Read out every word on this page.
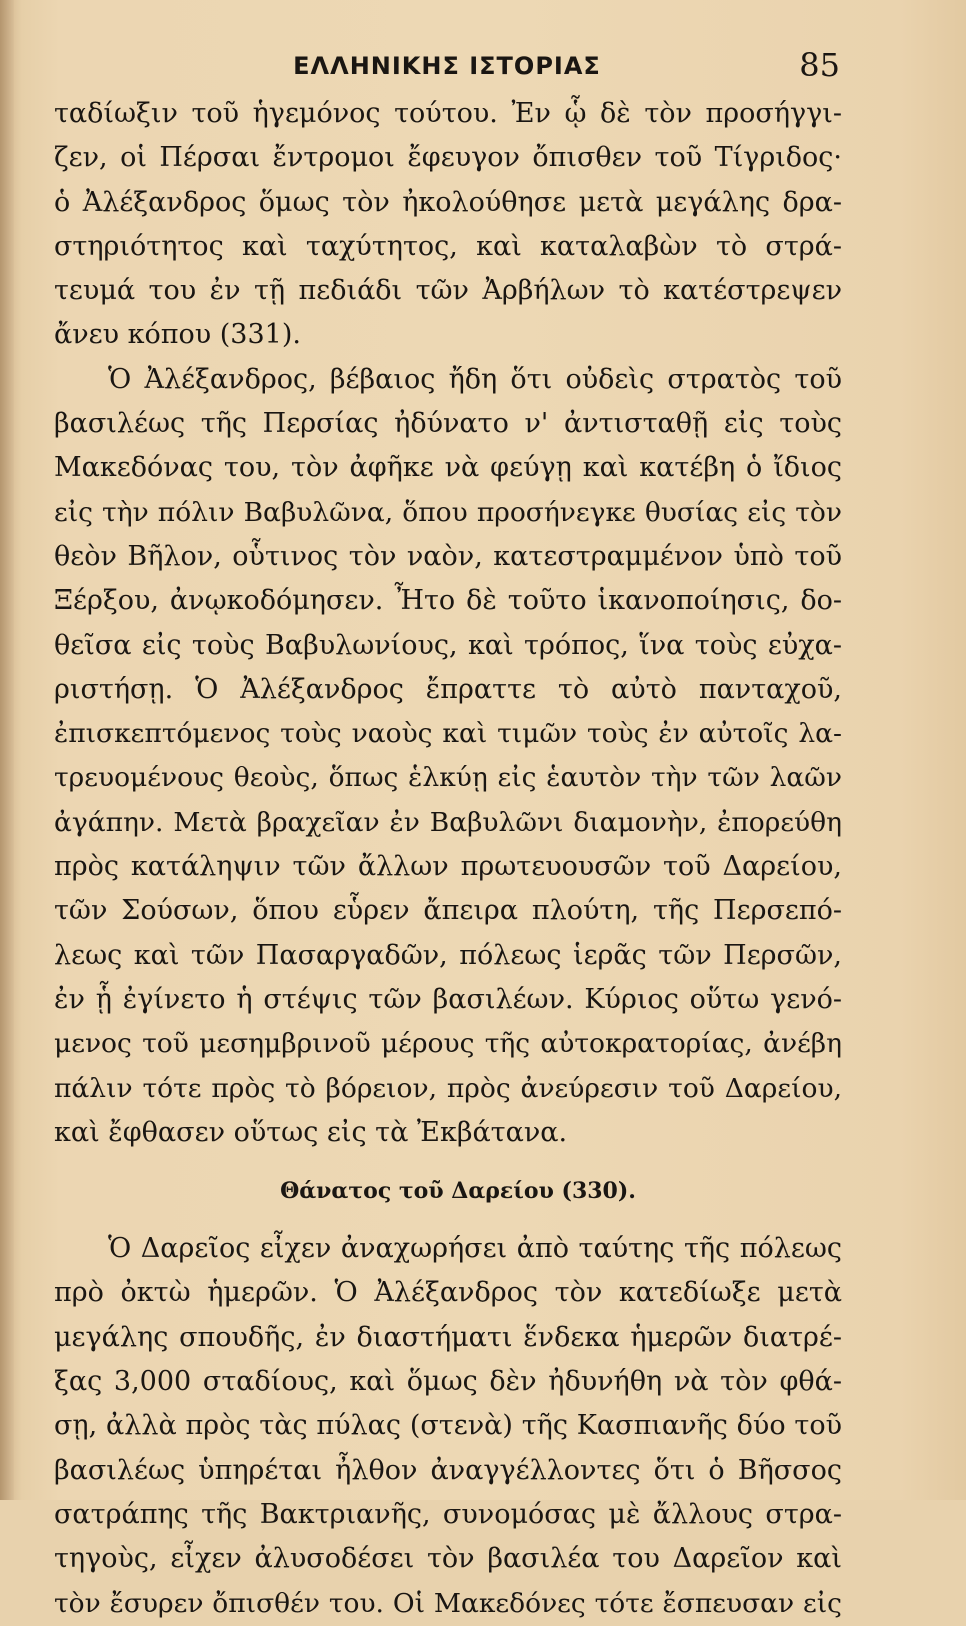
ΕΛΛΗΝΙΚΗΣ ΙΣΤΟΡΙΑΣ	85
ταδίωξιν τοῦ ἡγεμόνος τούτου. Ἐν ᾧ δὲ τὸν προσήγγι-
ζεν, οἱ Πέρσαι ἔντρομοι ἔφευγον ὄπισθεν τοῦ Τίγριδος·
ὁ Ἀλέξανδρος ὅμως τὸν ἠκολούθησε μετὰ μεγάλης δρα-
στηριότητος καὶ ταχύτητος, καὶ καταλαβὼν τὸ στρά-
τευμά του ἐν τῇ πεδιάδι τῶν Ἀρβήλων τὸ κατέστρεψεν
ἄνευ κόπου (331).
Ὁ Ἀλέξανδρος, βέβαιος ἤδη ὅτι οὐδεὶς στρατὸς τοῦ
βασιλέως τῆς Περσίας ἠδύνατο ν' ἀντισταθῇ εἰς τοὺς
Μακεδόνας του, τὸν ἀφῆκε νὰ φεύγῃ καὶ κατέβη ὁ ἴδιος
εἰς τὴν πόλιν Βαβυλῶνα, ὅπου προσήνεγκε θυσίας εἰς τὸν
θεὸν Βῆλον, οὗτινος τὸν ναὸν, κατεστραμμένον ὑπὸ τοῦ
Ξέρξου, ἀνῳκοδόμησεν. Ἦτο δὲ τοῦτο ἱκανοποίησις, δο-
θεῖσα εἰς τοὺς Βαβυλωνίους, καὶ τρόπος, ἵνα τοὺς εὐχα-
ριστήσῃ. Ὁ Ἀλέξανδρος ἔπραττε τὸ αὐτὸ πανταχοῦ,
ἐπισκεπτόμενος τοὺς ναοὺς καὶ τιμῶν τοὺς ἐν αὐτοῖς λα-
τρευομένους θεοὺς, ὅπως ἑλκύῃ εἰς ἑαυτὸν τὴν τῶν λαῶν
ἀγάπην. Μετὰ βραχεῖαν ἐν Βαβυλῶνι διαμονὴν, ἐπορεύθη
πρὸς κατάληψιν τῶν ἄλλων πρωτευουσῶν τοῦ Δαρείου,
τῶν Σούσων, ὅπου εὗρεν ἄπειρα πλούτη, τῆς Περσεπό-
λεως καὶ τῶν Πασαργαδῶν, πόλεως ἱερᾶς τῶν Περσῶν,
ἐν ᾗ ἐγίνετο ἡ στέψις τῶν βασιλέων. Κύριος οὕτω γενό-
μενος τοῦ μεσημβρινοῦ μέρους τῆς αὐτοκρατορίας, ἀνέβη
πάλιν τότε πρὸς τὸ βόρειον, πρὸς ἀνεύρεσιν τοῦ Δαρείου,
καὶ ἔφθασεν οὕτως εἰς τὰ Ἐκβάτανα.
Θάνατος τοῦ Δαρείου (330).
Ὁ Δαρεῖος εἶχεν ἀναχωρήσει ἀπὸ ταύτης τῆς πόλεως
πρὸ ὀκτὼ ἡμερῶν. Ὁ Ἀλέξανδρος τὸν κατεδίωξε μετὰ
μεγάλης σπουδῆς, ἐν διαστήματι ἕνδεκα ἡμερῶν διατρέ-
ξας 3,000 σταδίους, καὶ ὅμως δὲν ἠδυνήθη νὰ τὸν φθά-
σῃ, ἀλλὰ πρὸς τὰς πύλας (στενὰ) τῆς Κασπιανῆς δύο τοῦ
βασιλέως ὑπηρέται ἦλθον ἀναγγέλλοντες ὅτι ὁ Βῆσσος
σατράπης τῆς Βακτριανῆς, συνομόσας μὲ ἄλλους στρα-
τηγοὺς, εἶχεν ἀλυσοδέσει τὸν βασιλέα του Δαρεῖον καὶ
τὸν ἔσυρεν ὄπισθέν του. Οἱ Μακεδόνες τότε ἔσπευσαν εἰς
